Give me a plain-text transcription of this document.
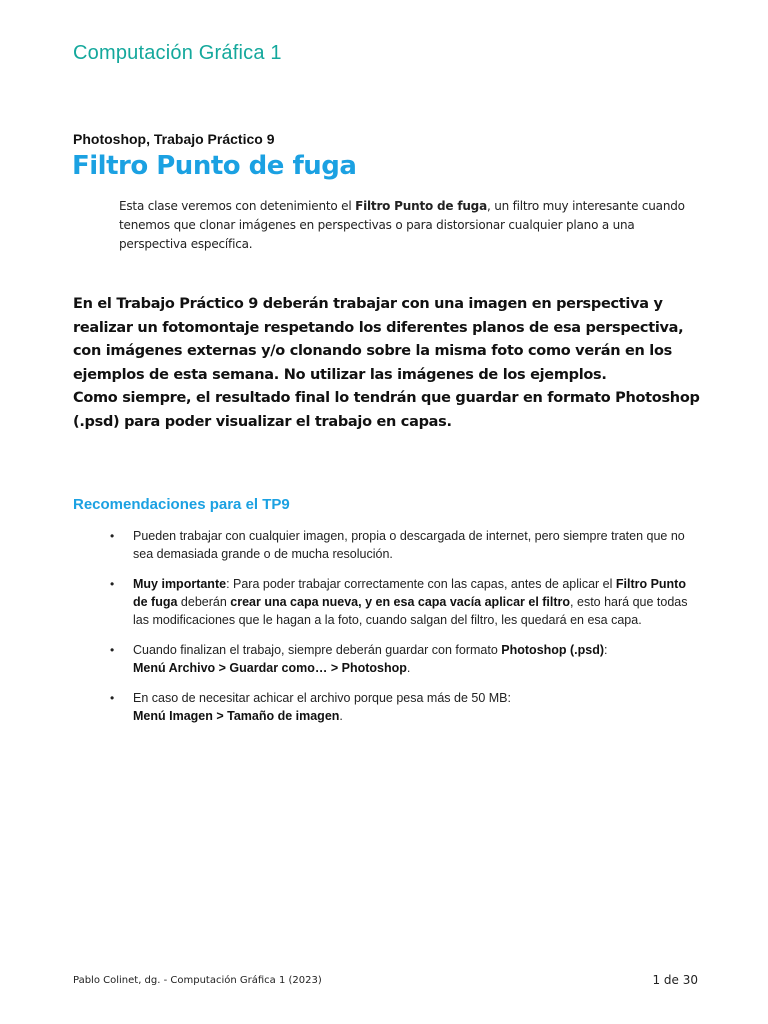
Computación Gráfica 1
Photoshop, Trabajo Práctico 9
Filtro Punto de fuga
Esta clase veremos con detenimiento el Filtro Punto de fuga, un filtro muy interesante cuando tenemos que clonar imágenes en perspectivas o para distorsionar cualquier plano a una perspectiva específica.
En el Trabajo Práctico 9 deberán trabajar con una imagen en perspectiva y realizar un fotomontaje respetando los diferentes planos de esa perspectiva, con imágenes externas y/o clonando sobre la misma foto como verán en los ejemplos de esta semana. No utilizar las imágenes de los ejemplos.
Como siempre, el resultado final lo tendrán que guardar en formato Photoshop (.psd) para poder visualizar el trabajo en capas.
Recomendaciones para el TP9
• Pueden trabajar con cualquier imagen, propia o descargada de internet, pero siempre traten que no sea demasiada grande o de mucha resolución.
• Muy importante: Para poder trabajar correctamente con las capas, antes de aplicar el Filtro Punto de fuga deberán crear una capa nueva, y en esa capa vacía aplicar el filtro, esto hará que todas las modificaciones que le hagan a la foto, cuando salgan del filtro, les quedará en esa capa.
• Cuando finalizan el trabajo, siempre deberán guardar con formato Photoshop (.psd):
Menú Archivo > Guardar como… > Photoshop.
• En caso de necesitar achicar el archivo porque pesa más de 50 MB:
Menú Imagen > Tamaño de imagen.
Pablo Colinet, dg. - Computación Gráfica 1 (2023)	1 de 30
